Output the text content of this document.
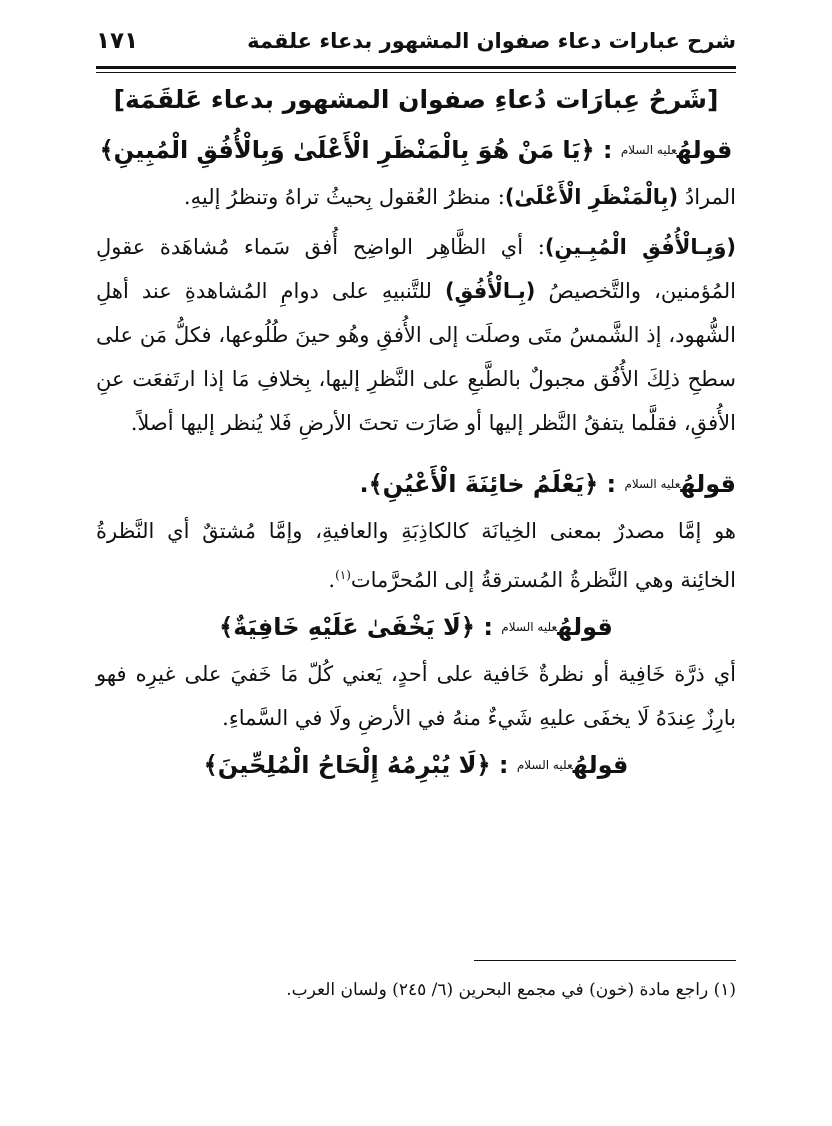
شرح عبارات دعاء صفوان المشهور بدعاء علقمة
١٧١
[شَرحُ عِبارَات دُعاءِ صفوان المشهور بدعاء عَلقَمَة]
قولهُ$^{عليه السلام}$ : ﴿يَا مَنْ هُوَ بِالْمَنْظَرِ الْأَعْلَىٰ وَبِالْأُفُقِ الْمُبِينِ﴾

المرادُ (بِالْمَنْظَرِ الْأَعْلَىٰ): منظرُ العُقول بِحيثُ تراهُ وتنظرُ إليهِ.

(وَبِـالْأُفُقِ الْمُبِـينِ): أي الظَّاهِر الواضِح أُفق سَماء مُشاهَدة عقولِ المُؤمنين، والتَّخصيصُ (بِـالْأُفُقِ) للتَّنبيهِ على دوامِ المُشاهدةِ عند أهلِ الشُّهود، إذ الشَّمسُ متَى وصلَت إلى الأُفقِ وهُو حينَ طُلُوعها، فكلُّ مَن على سطحِ ذلِكَ الأُفُق مجبولٌ بالطَّبعِ على النَّظرِ إليها، بِخلافِ مَا إذا ارتَفعَت عنِ الأُفقِ، فقلَّما يتفقُ النَّظر إليها أو صَارَت تحتَ الأرضِ فَلا يُنظر إليها أصلاً.

قولهُ$^{عليه السلام}$ : ﴿يَعْلَمُ خائِنَةَ الْأَعْيُنِ﴾.

هو إمَّا مصدرٌ بمعنى الخِيانَة كالكاذِبَةِ والعافيةِ، وإمَّا مُشتقٌ أي النَّظرةُ الخائِنة وهي النَّظرةُ المُسترقةُ إلى المُحرَّمات$^{(١)}$.

قولهُ$^{عليه السلام}$ : ﴿لَا يَخْفَىٰ عَلَيْهِ خَافِيَةٌ﴾

أي ذرَّة خَافِية أو نظرةٌ خَافية على أحدٍ، يَعني كُلّ مَا خَفيَ على غيرِه فهو بارِزٌ عِندَهُ لَا يخفَى عليهِ شَيءٌ منهُ في الأرضِ ولَا في السَّماءِ.

قولهُ$^{عليه السلام}$ : ﴿لَا يُبْرِمُهُ إِلْحَاحُ الْمُلِحِّينَ﴾
(١) راجع مادة (خون) في مجمع البحرين (٦/ ٢٤٥) ولسان العرب.
